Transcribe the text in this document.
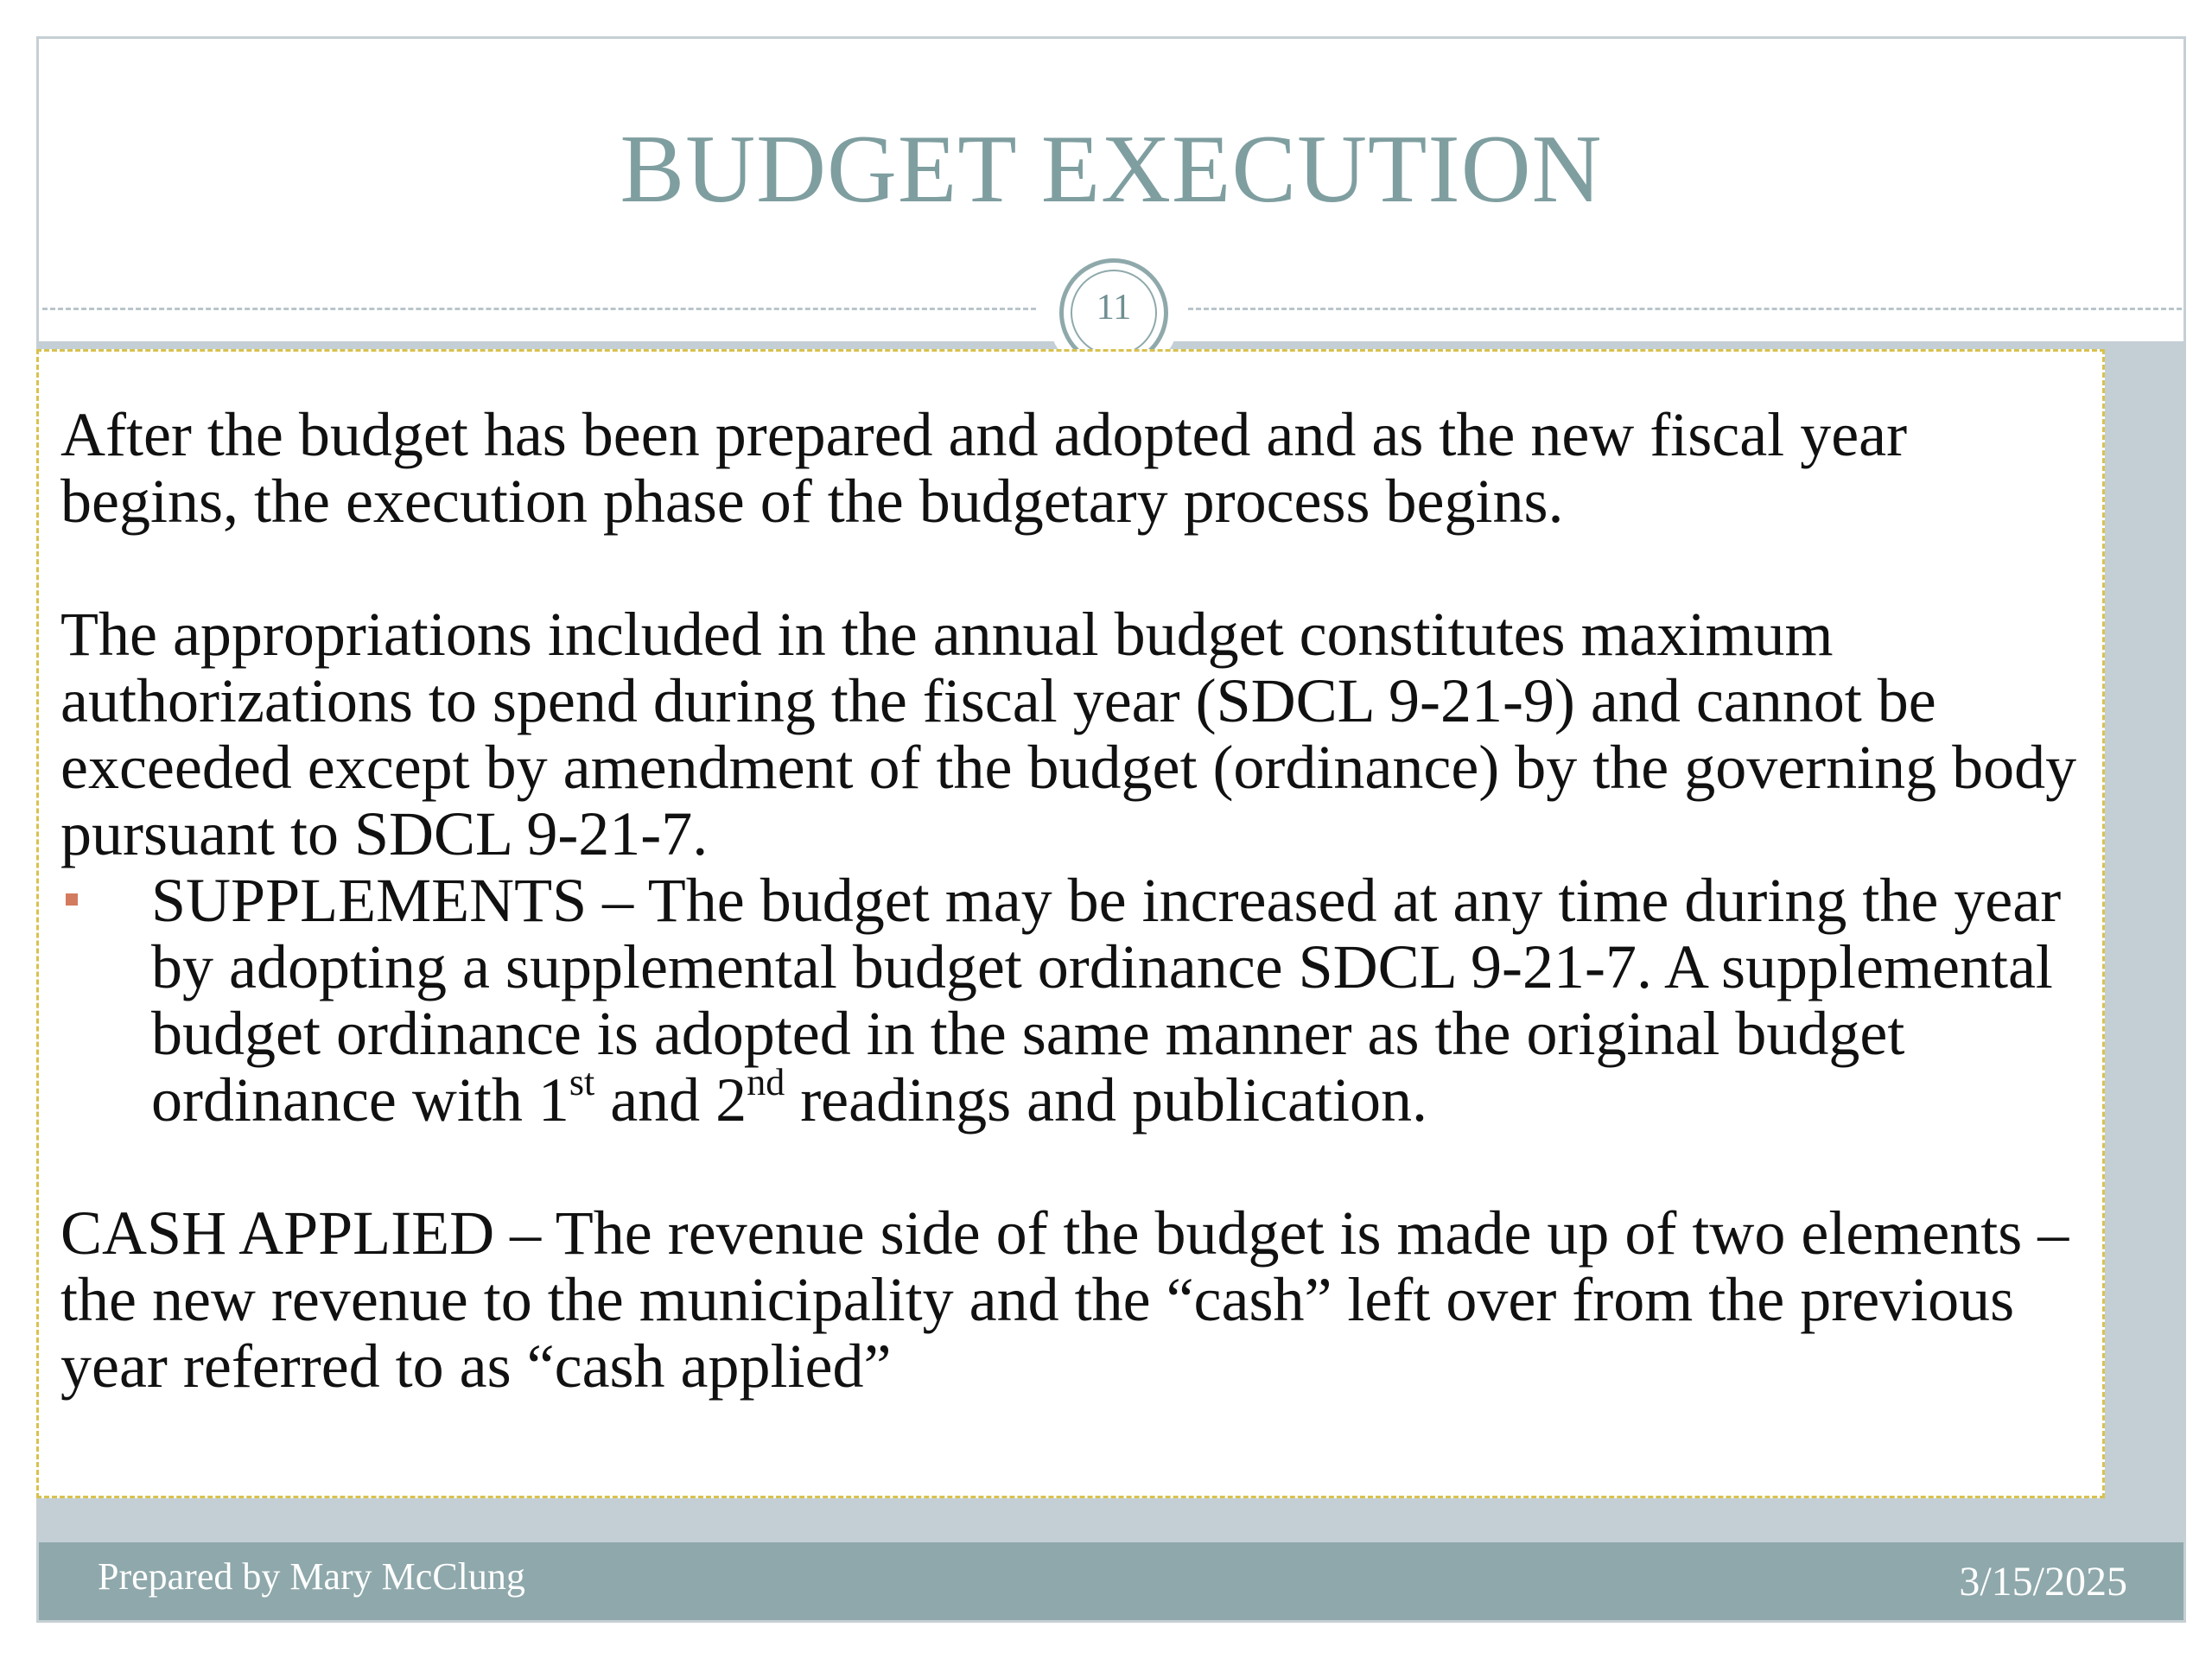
BUDGET EXECUTION
11
Prepared by Mary McClung	3/15/2025

After the budget has been prepared and adopted and as the new fiscal year begins, the execution phase of the budgetary process begins.

The appropriations included in the annual budget constitutes maximum authorizations to spend during the fiscal year (SDCL 9-21-9) and cannot be exceeded except by amendment of the budget (ordinance) by the governing body pursuant to SDCL 9-21-7.

SUPPLEMENTS – The budget may be increased at any time during the year by adopting a supplemental budget ordinance SDCL 9-21-7. A supplemental budget ordinance is adopted in the same manner as the original budget ordinance with 1st and 2nd readings and publication.

CASH APPLIED – The revenue side of the budget is made up of two elements – the new revenue to the municipality and the “cash” left over from the previous year referred to as “cash applied”
